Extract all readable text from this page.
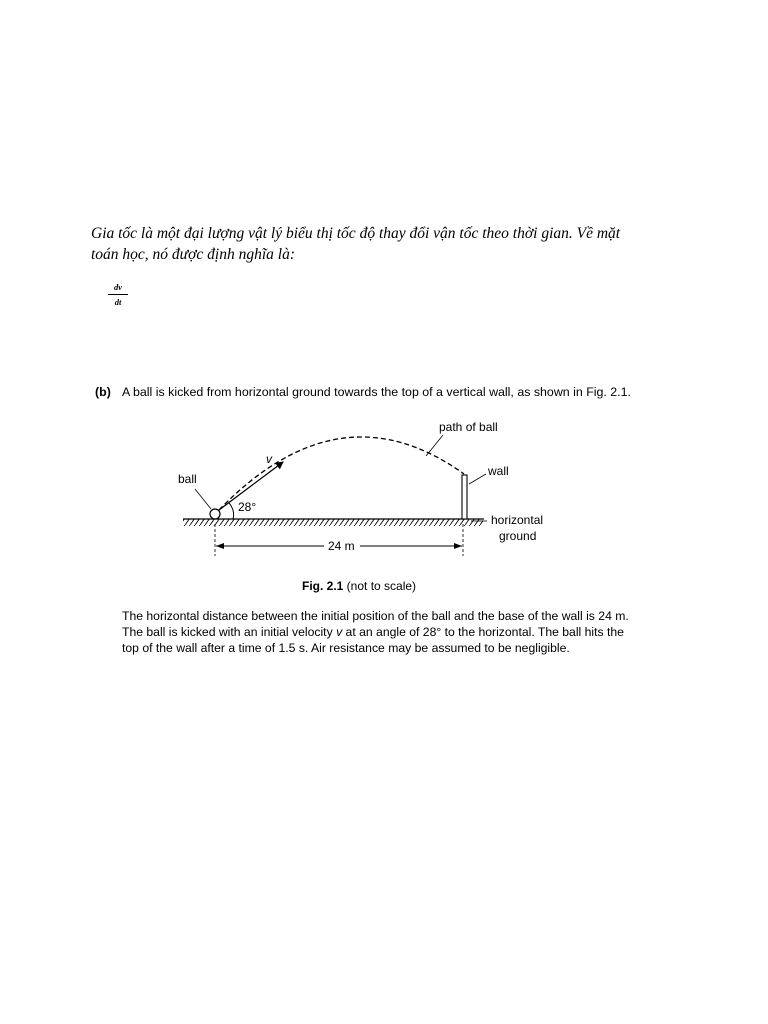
Gia tốc là một đại lượng vật lý biểu thị tốc độ thay đổi vận tốc theo thời gian. Về mặt
toán học, nó được định nghĩa là:
dv
dt
(b) A ball is kicked from horizontal ground towards the top of a vertical wall, as shown in Fig. 2.1.
path of ball
wall
ball
v
28°
horizontal
ground
24 m
Fig. 2.1 (not to scale)
The horizontal distance between the initial position of the ball and the base of the wall is 24 m.
The ball is kicked with an initial velocity v at an angle of 28° to the horizontal. The ball hits the
top of the wall after a time of 1.5 s. Air resistance may be assumed to be negligible.
